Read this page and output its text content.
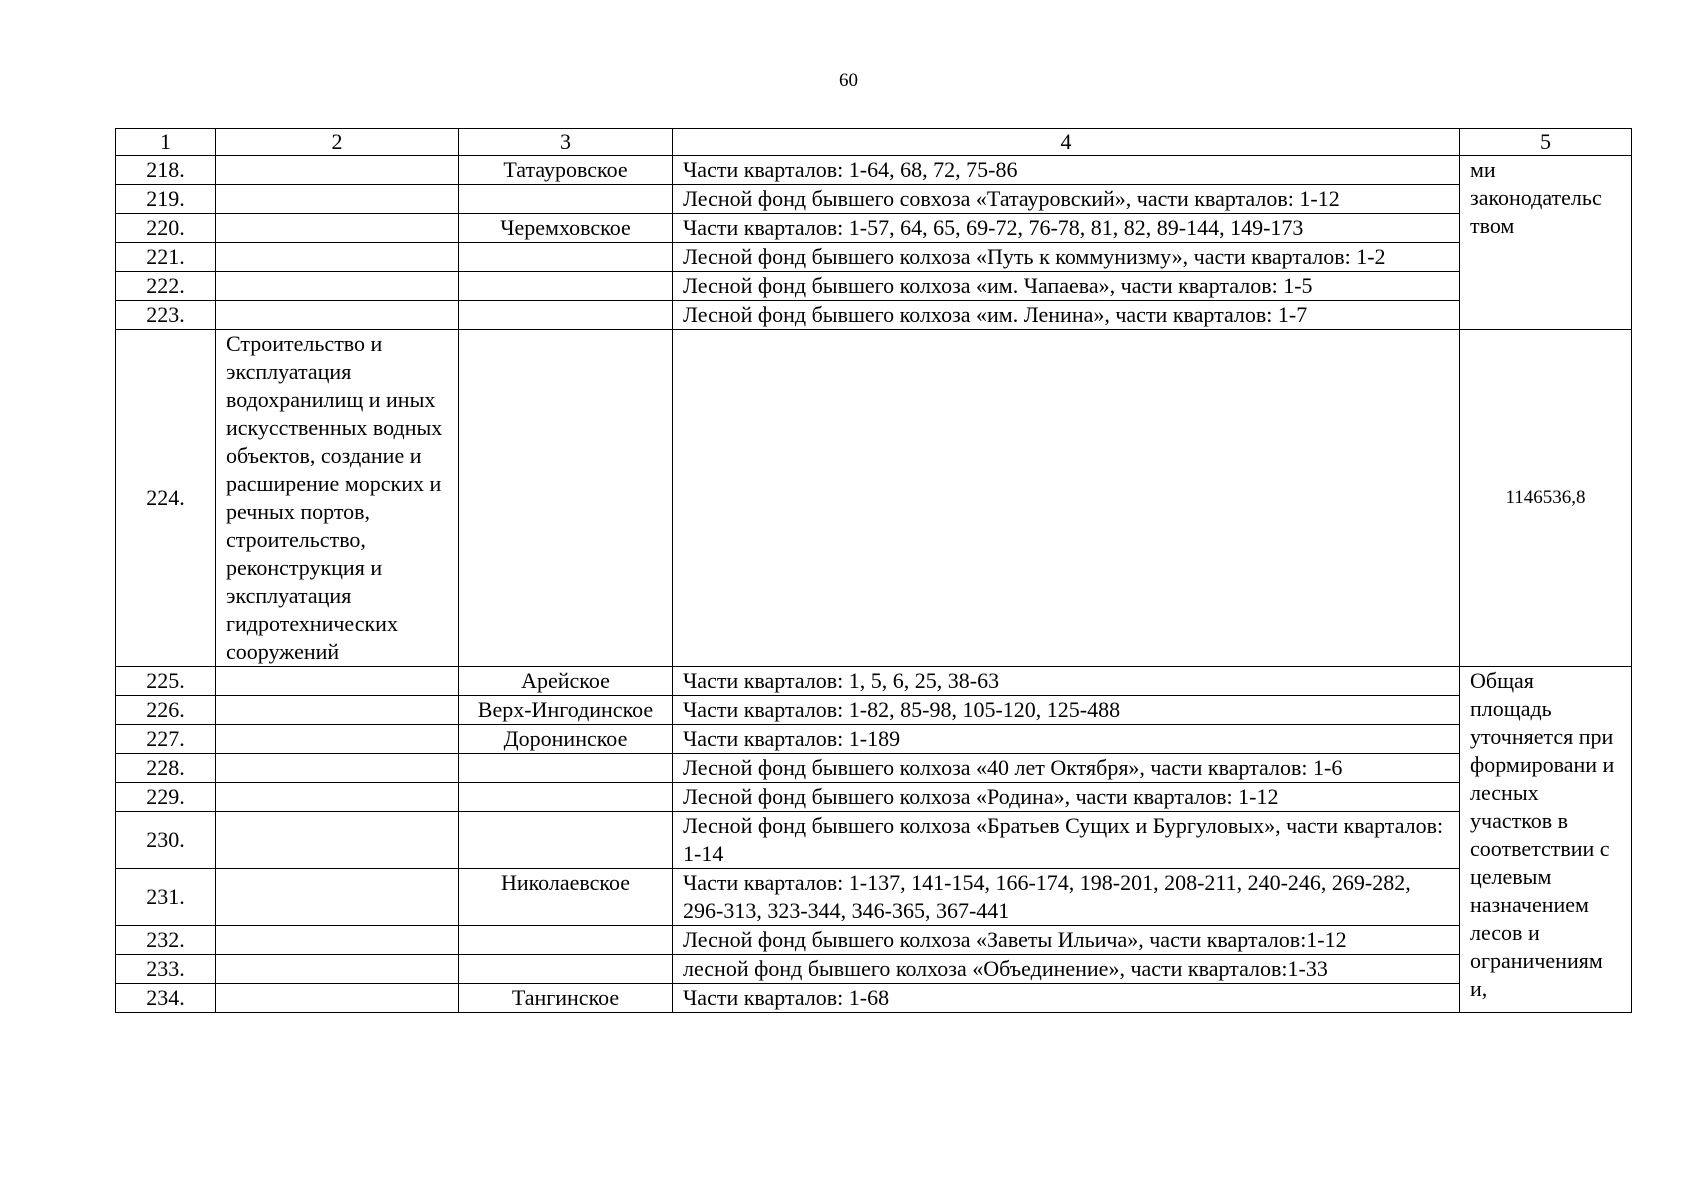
60
1	2	3	4	5
218.		Татауровское	Части кварталов: 1-64, 68, 72, 75-86	ми законодательс твом
219.			Лесной фонд бывшего совхоза «Татауровский», части кварталов: 1-12	
220.		Черемховское	Части кварталов: 1-57, 64, 65, 69-72, 76-78, 81, 82, 89-144, 149-173	
221.			Лесной фонд бывшего колхоза «Путь к коммунизму», части кварталов: 1-2	
222.			Лесной фонд бывшего колхоза «им. Чапаева», части кварталов: 1-5	
223.			Лесной фонд бывшего колхоза «им. Ленина», части кварталов: 1-7	
224.	Строительство и эксплуатация водохранилищ и иных искусственных водных объектов, создание и расширение морских и речных портов, строительство, реконструкция и эксплуатация гидротехнических сооружений			1146536,8
225.		Арейское	Части кварталов: 1, 5, 6, 25, 38-63	Общая площадь уточняется при формировани и лесных участков в соответствии с целевым назначением лесов и ограничениям и,
226.		Верх-Ингодинское	Части кварталов: 1-82, 85-98, 105-120, 125-488	
227.		Доронинское	Части кварталов: 1-189	
228.			Лесной фонд бывшего колхоза «40 лет Октября», части кварталов: 1-6	
229.			Лесной фонд бывшего колхоза «Родина», части кварталов: 1-12	
230.			Лесной фонд бывшего колхоза «Братьев Сущих и Бургуловых», части кварталов: 1-14	
231.		Николаевское	Части кварталов: 1-137, 141-154, 166-174, 198-201, 208-211, 240-246, 269-282, 296-313, 323-344, 346-365, 367-441	
232.			Лесной фонд бывшего колхоза «Заветы Ильича», части кварталов:1-12	
233.			лесной фонд бывшего колхоза «Объединение», части кварталов:1-33	
234.		Тангинское	Части кварталов: 1-68	
